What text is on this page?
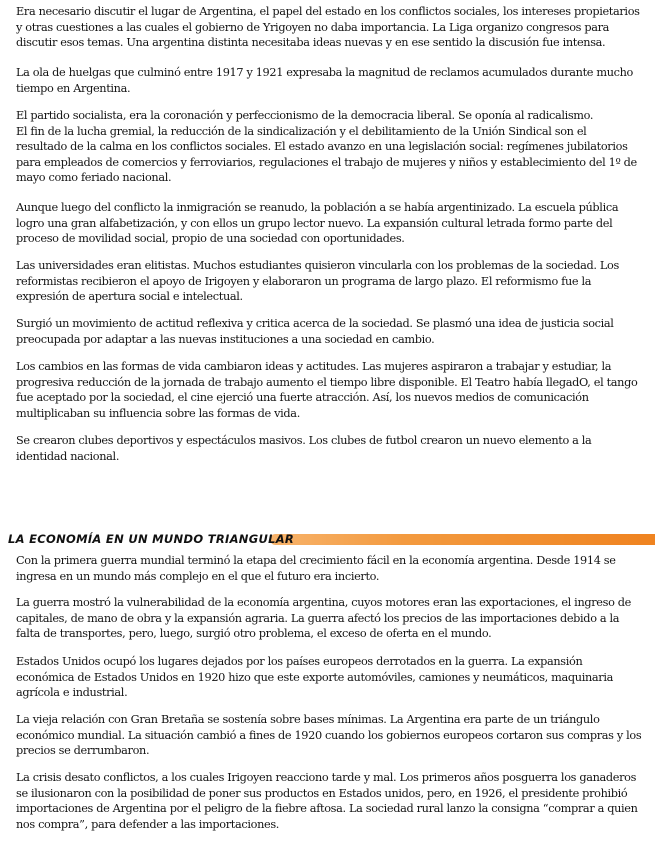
Era necesario discutir el lugar de Argentina, el papel del estado en los conflictos sociales, los intereses propietarios
y otras cuestiones a las cuales el gobierno de Yrigoyen no daba importancia. La Liga organizo congresos para
discutir esos temas. Una argentina distinta necesitaba ideas nuevas y en ese sentido la discusión fue intensa.

La ola de huelgas que culminó entre 1917 y 1921 expresaba la magnitud de reclamos acumulados durante mucho
tiempo en Argentina.

El partido socialista, era la coronación y perfeccionismo de la democracia liberal. Se oponía al radicalismo.
El fin de la lucha gremial, la reducción de la sindicalización y el debilitamiento de la Unión Sindical son el
resultado de la calma en los conflictos sociales. El estado avanzo en una legislación social: regímenes jubilatorios
para empleados de comercios y ferroviarios, regulaciones el trabajo de mujeres y niños y establecimiento del 1º de
mayo como feriado nacional.

Aunque luego del conflicto la inmigración se reanudo, la población a se había argentinizado. La escuela pública
logro una gran alfabetización, y con ellos un grupo lector nuevo. La expansión cultural letrada formo parte del
proceso de movilidad social, propio de una sociedad con oportunidades.

Las universidades eran elitistas. Muchos estudiantes quisieron vincularla con los problemas de la sociedad. Los
reformistas recibieron el apoyo de Irigoyen y elaboraron un programa de largo plazo. El reformismo fue la
expresión de apertura social e intelectual.

Surgió un movimiento de actitud reflexiva y critica acerca de la sociedad. Se plasmó una idea de justicia social
preocupada por adaptar a las nuevas instituciones a una sociedad en cambio.

Los cambios en las formas de vida cambiaron ideas y actitudes. Las mujeres aspiraron a trabajar y estudiar, la
progresiva reducción de la jornada de trabajo aumento el tiempo libre disponible. El Teatro había llegadO, el tango
fue aceptado por la sociedad, el cine ejerció una fuerte atracción. Así, los nuevos medios de comunicación
multiplicaban su influencia sobre las formas de vida.

Se crearon clubes deportivos y espectáculos masivos. Los clubes de futbol crearon un nuevo elemento a la
identidad nacional.

LA ECONOMÍA EN UN MUNDO TRIANGULAR

Con la primera guerra mundial terminó la etapa del crecimiento fácil en la economía argentina. Desde 1914 se
ingresa en un mundo más complejo en el que el futuro era incierto.

La guerra mostró la vulnerabilidad de la economía argentina, cuyos motores eran las exportaciones, el ingreso de
capitales, de mano de obra y la expansión agraria. La guerra afectó los precios de las importaciones debido a la
falta de transportes, pero, luego, surgió otro problema, el exceso de oferta en el mundo.

Estados Unidos ocupó los lugares dejados por los países europeos derrotados en la guerra. La expansión
económica de Estados Unidos en 1920 hizo que este exporte automóviles, camiones y neumáticos, maquinaria
agrícola e industrial.

La vieja relación con Gran Bretaña se sostenía sobre bases mínimas. La Argentina era parte de un triángulo
económico mundial. La situación cambió a fines de 1920 cuando los gobiernos europeos cortaron sus compras y los
precios se derrumbaron.

La crisis desato conflictos, a los cuales Irigoyen reacciono tarde y mal. Los primeros años posguerra los ganaderos
se ilusionaron con la posibilidad de poner sus productos en Estados unidos, pero, en 1926, el presidente prohibió
importaciones de Argentina por el peligro de la fiebre aftosa. La sociedad rural lanzo la consigna “comprar a quien
nos compra”, para defender a las importaciones.
